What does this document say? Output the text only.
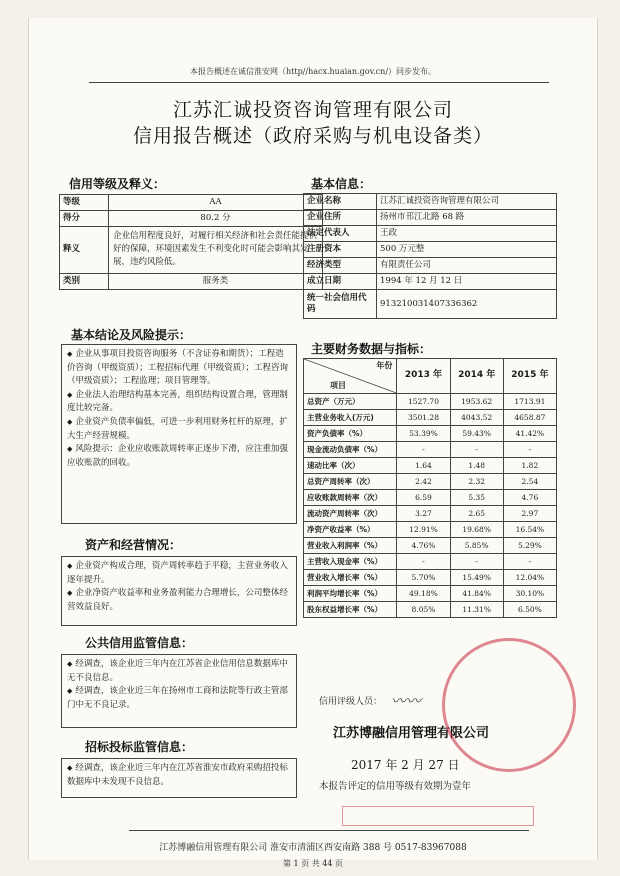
本报告概述在诚信淮安网（http//hacx.huaian.gov.cn/）同步发布。
江苏汇诚投资咨询管理有限公司
信用报告概述（政府采购与机电设备类）
信用等级及释义：
等级	AA
得分	80.2 分
释义	企业信用程度良好，对履行相关经济和社会责任能提供好的保障，环境因素发生不利变化时可能会影响其发展，违约风险低。
类别	服务类
基本信息：
企业名称	江苏汇诚投资咨询管理有限公司
企业住所	扬州市邗江北路 68 路
法定代表人	王政
注册资本	500 万元整
经济类型	有限责任公司
成立日期	1994 年 12 月 12 日
统一社会信用代码	913210031407336362
基本结论及风险提示：

◆ 企业从事项目投资咨询服务（不含证券和期货）；工程造价咨询（甲级资质）；工程招标代理（甲级资质）；工程咨询（甲级资质）；工程监理；项目管理等。

◆ 企业法人治理结构基本完善，组织结构设置合理，管理制度比较完备。

◆ 企业资产负债率偏低，可进一步利用财务杠杆的原理，扩大生产经营规模。

◆ 风险提示：企业应收账款周转率正逐步下滑，应注重加强应收账款的回收。

资产和经营情况：

◆ 企业资产构成合理，资产周转率趋于平稳，主营业务收入逐年提升。

◆ 企业净资产收益率和业务盈利能力合理增长，公司整体经营效益良好。

公共信用监管信息：

◆ 经调查，该企业近三年内在江苏省企业信用信息数据库中无不良信息。

◆ 经调查，该企业近三年在扬州市工商和法院等行政主管部门中无不良记录。

招标投标监管信息：

◆ 经调查，该企业近三年内在江苏省淮安市政府采购招投标数据库中未发现不良信息。

主要财务数据与指标：
年份
项目	2013 年	2014 年	2015 年
总资产（万元）	1527.70	1953.62	1713.91
主营业务收入(万元)	3501.28	4043.52	4658.87
资产负债率（%）	53.39%	59.43%	41.42%
现金流动负债率（%）	-	-	-
速动比率（次）	1.64	1.48	1.82
总资产周转率（次）	2.42	2.32	2.54
应收账款周转率（次）	6.59	5.35	4.76
流动资产周转率（次）	3.27	2.65	2.97
净资产收益率（%）	12.91%	19.68%	16.54%
营业收入利润率（%）	4.76%	5.85%	5.29%
主营收入现金率（%）	-	-	-
营业收入增长率（%）	5.70%	15.49%	12.04%
利润平均增长率（%）	49.18%	41.84%	30.10%
股东权益增长率（%）	8.05%	11.31%	6.50%
〰〰
信用评级人员：
江苏博融信用管理有限公司
2017 年 2 月 27 日
本报告评定的信用等级有效期为壹年
江苏博融信用管理有限公司 淮安市清浦区西安南路 388 号 0517-83967088
第 1 页 共 44 页
